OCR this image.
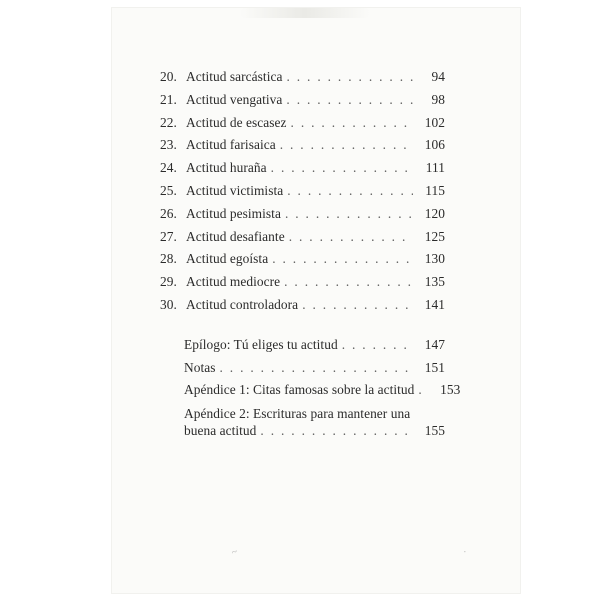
20. Actitud sarcástica . . .	94
21. Actitud vengativa . . .	98
22. Actitud de escasez . . .	102
23. Actitud farisaica . . .	106
24. Actitud huraña . . .	111
25. Actitud victimista . . .	115
26. Actitud pesimista . . .	120
27. Actitud desafiante . . .	125
28. Actitud egoísta . . .	130
29. Actitud mediocre . . .	135
30. Actitud controladora . . .	141
Epílogo: Tú eliges tu actitud . . .	147
Notas . . .	151
Apéndice 1: Citas famosas sobre la actitud . . .	153
Apéndice 2: Escrituras para mantener una
buena actitud . . .	155
~	·
